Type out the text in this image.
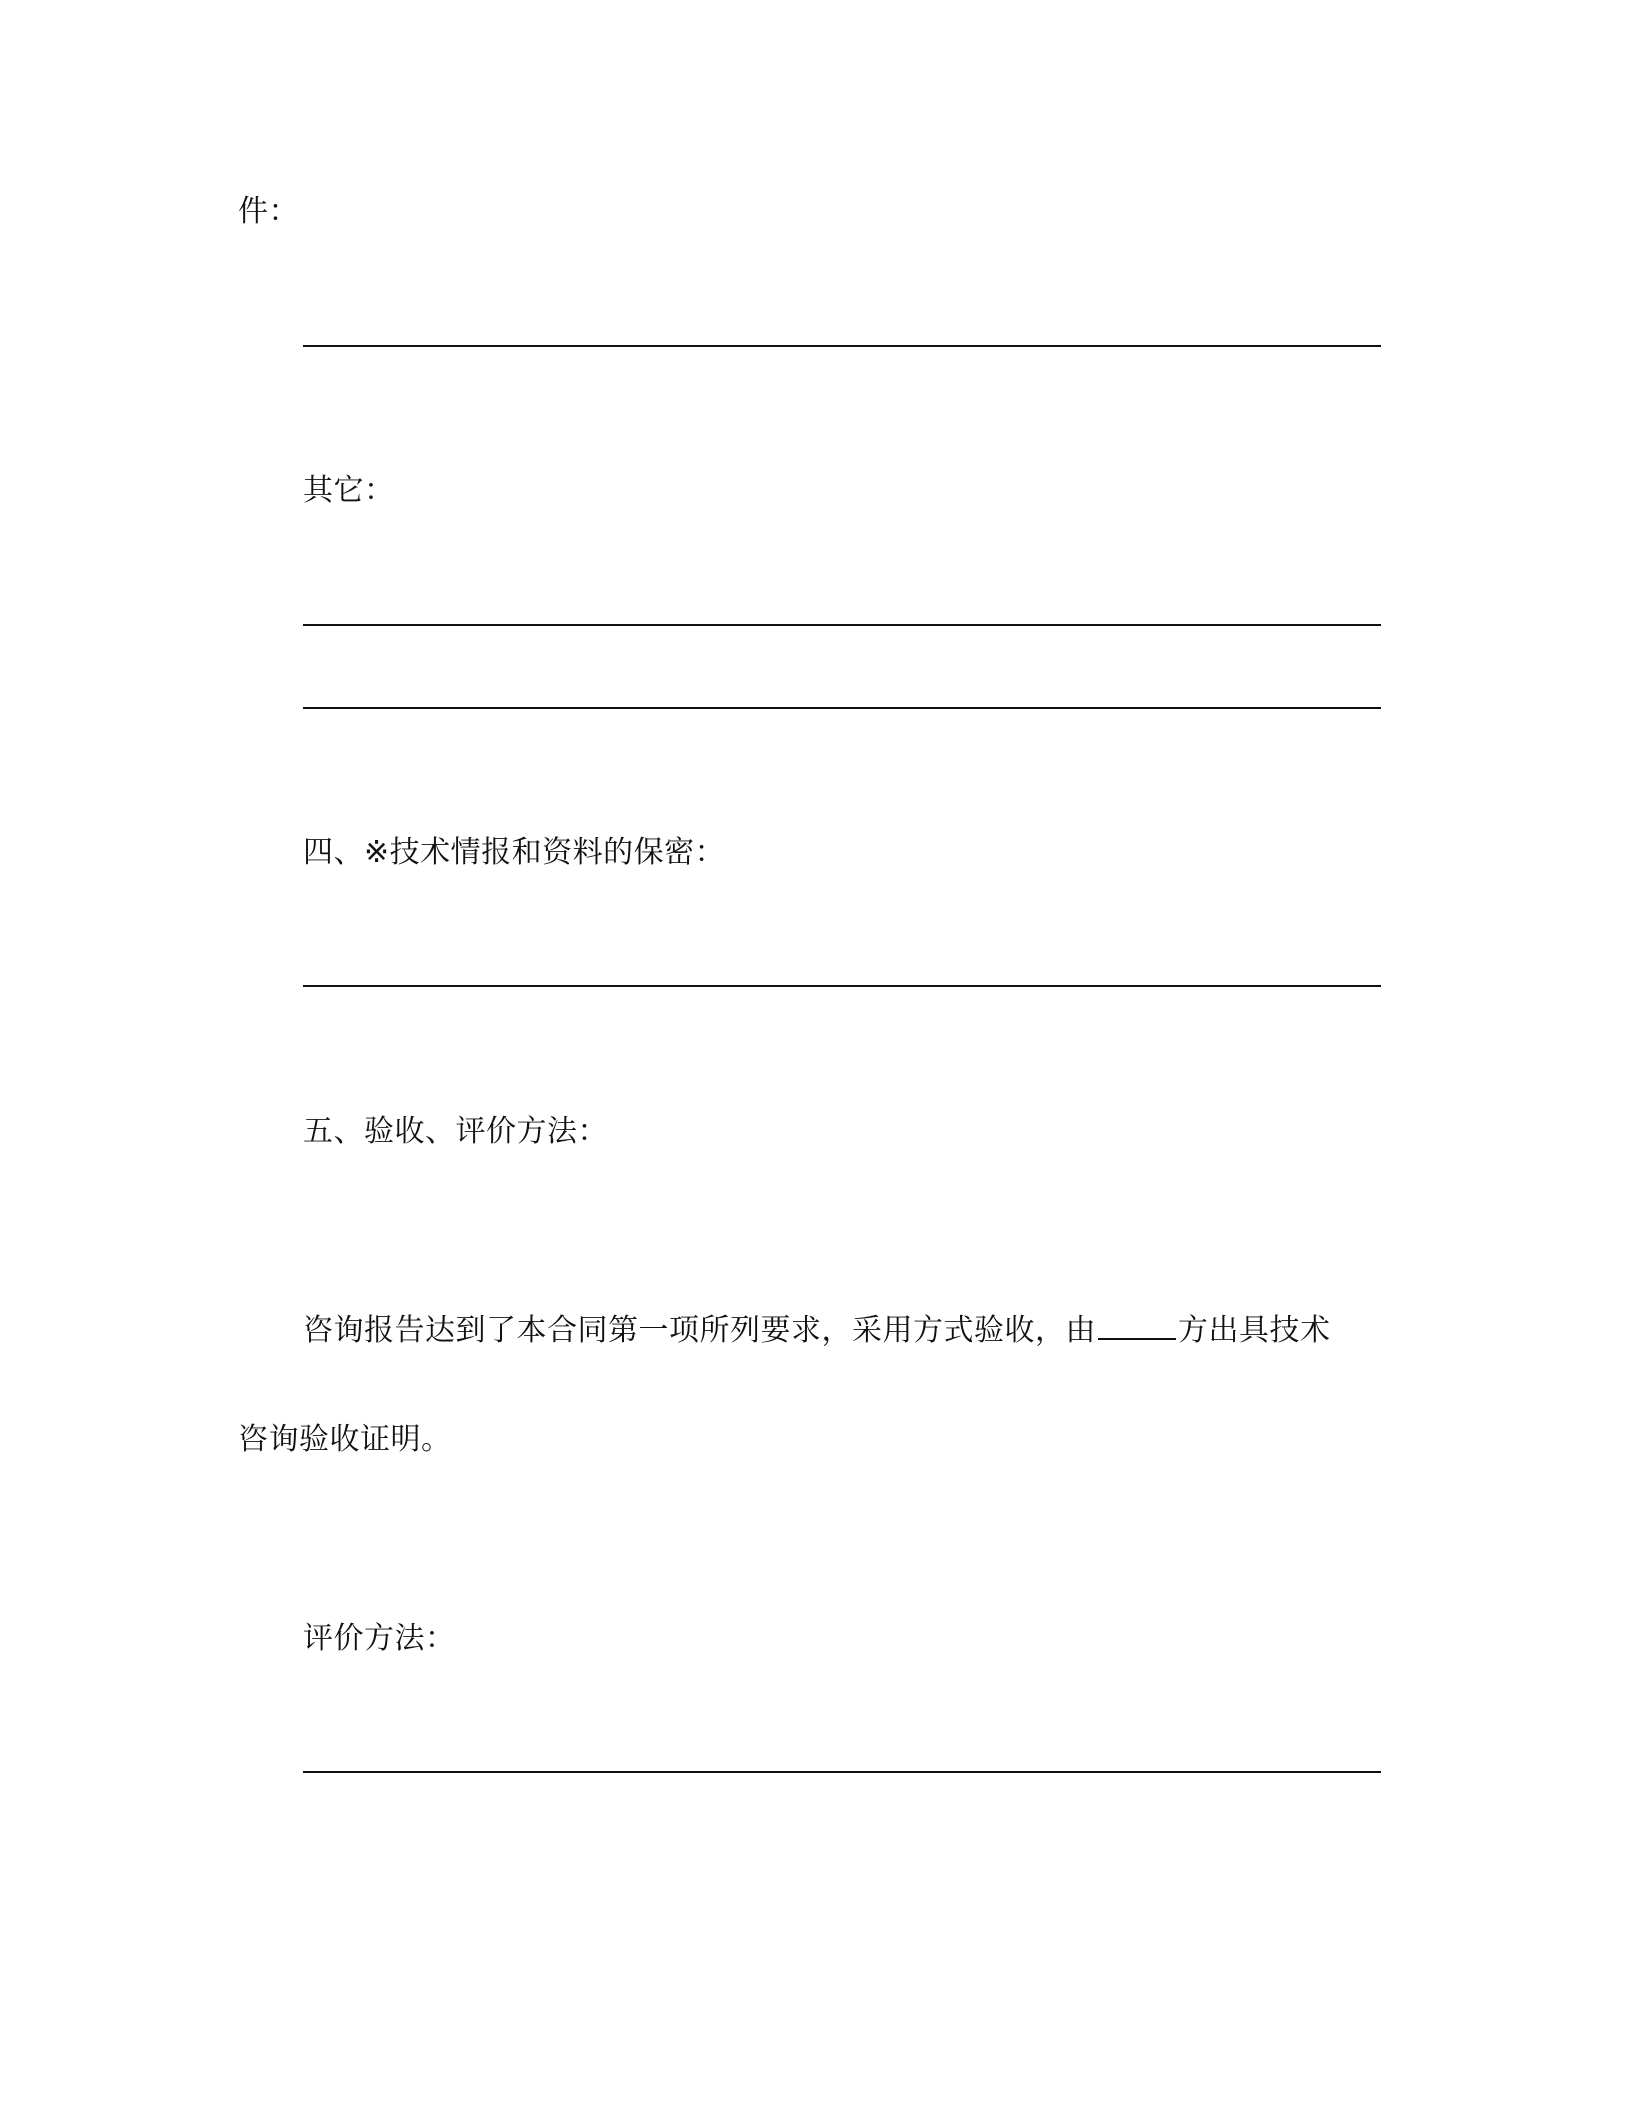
件：
其它：
四、※技术情报和资料的保密：
五、验收、评价方法：
咨询报告达到了本合同第一项所列要求，采用方式验收，由	方出具技术
咨询验收证明。
评价方法：
